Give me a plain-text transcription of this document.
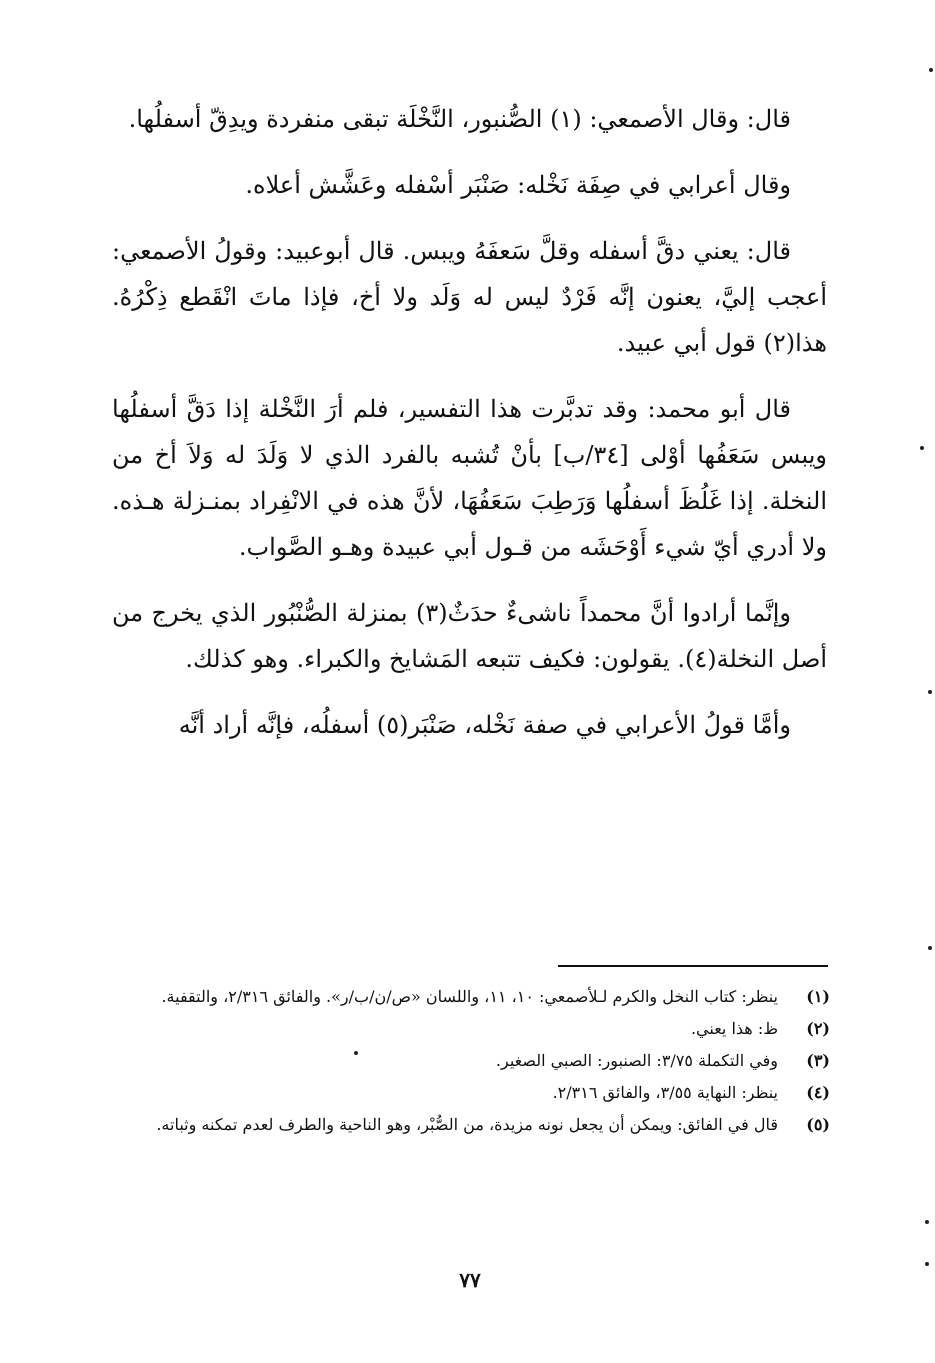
قال: وقال الأصمعي: (١) الصُّنبور، النَّخْلَة تبقى منفردة ويدِقّ أسفلُها.

وقال أعرابي في صِفَة نَخْله: صَنْبَر أسْفله وعَشَّش أعلاه.

قال: يعني دقَّ أسفله وقلَّ سَعفَهُ ويبس. قال أبوعبيد: وقولُ الأصمعي: أعجب إليَّ، يعنون إنَّه فَرْدٌ ليس له وَلَد ولا أخ، فإذا ماتَ انْقَطع ذِكْرُهُ. هذا(٢) قول أبي عبيد.

قال أبو محمد: وقد تدبَّرت هذا التفسير، فلم أرَ النَّخْلة إذا دَقَّ أسفلُها ويبس سَعَفُها أوْلى [٣٤/ب] بأنْ تُشبه بالفرد الذي لا وَلَدَ له وَلاَ أخ من النخلة. إذا غَلُظَ أسفلُها وَرَطِبَ سَعَفُهَا، لأنَّ هذه في الانْفِراد بمنـزلة هـذه. ولا أدري أيّ شيء أَوْحَشَه من قـول أبي عبيدة وهـو الصَّواب.

وإنَّما أرادوا أنَّ محمداً ناشىءٌ حدَثٌ(٣) بمنزلة الصُّنْبُور الذي يخرج من أصل النخلة(٤). يقولون: فكيف تتبعه المَشايخ والكبراء. وهو كذلك.

وأمَّا قولُ الأعرابي في صفة نَخْله، صَنْبَر(٥) أسفلُه، فإنَّه أراد أنَّه

(١)
ينظر: كتاب النخل والكرم لـلأصمعي: ١٠، ١١، واللسان «ص/ن/ب/ر». والفائق ٢/٣١٦، والتقفية.
(٢)
ظ: هذا يعني.
(٣)
وفي التكملة ٣/٧٥: الصنبور: الصبي الصغير.
(٤)
ينظر: النهاية ٣/٥٥، والفائق ٢/٣١٦.
(٥)
قال في الفائق: ويمكن أن يجعل نونه مزيدة، من الصُّبْر، وهو الناحية والطرف لعدم تمكنه وثباته.
٧٧
